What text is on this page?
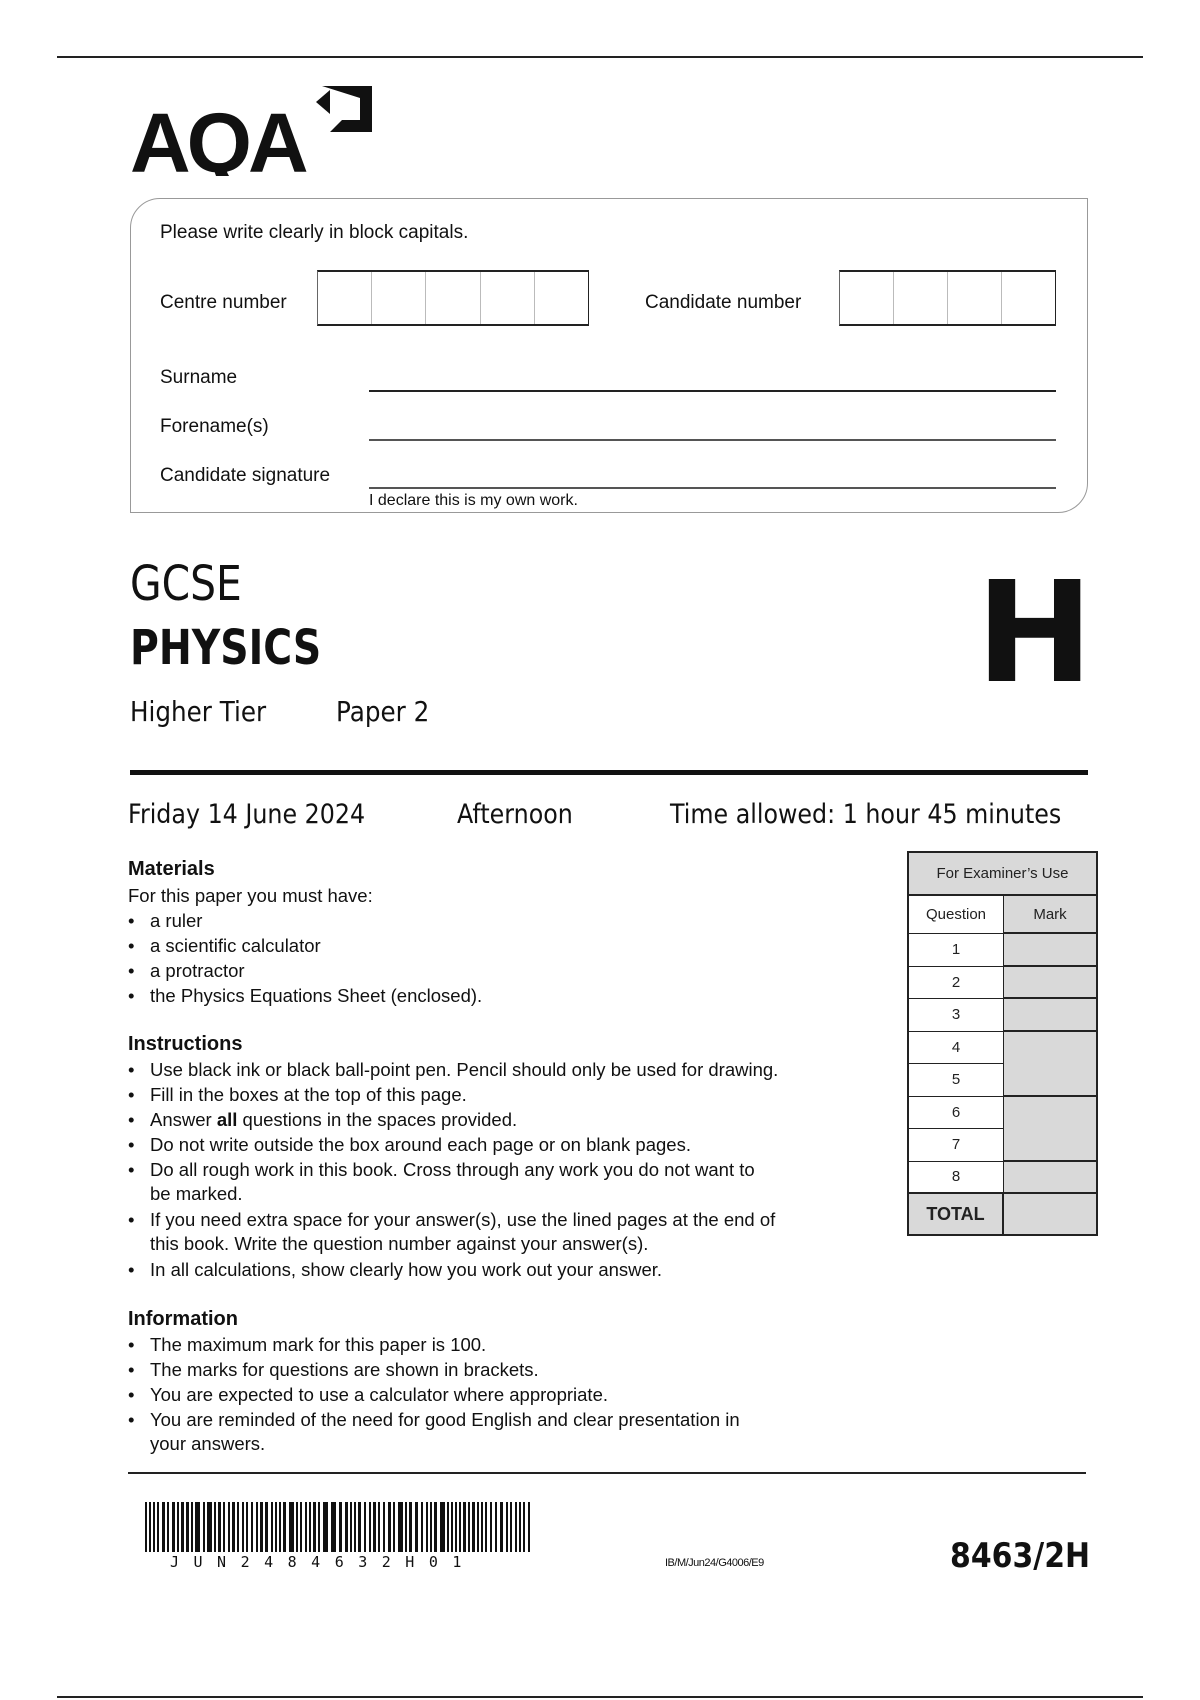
AQA
Please write clearly in block capitals.
Centre number	Candidate number
Surname
Forename(s)
Candidate signature
I declare this is my own work.
GCSE
PHYSICS
Higher Tier Paper 2	H
Friday 14 June 2024	Afternoon	Time allowed: 1 hour 45 minutes
Materials
For this paper you must have:
• a ruler
• a scientific calculator
• a protractor
• the Physics Equations Sheet (enclosed).
Instructions
• Use black ink or black ball-point pen. Pencil should only be used for drawing.
• Fill in the boxes at the top of this page.
• Answer all questions in the spaces provided.
• Do not write outside the box around each page or on blank pages.
• Do all rough work in this book. Cross through any work you do not want to
be marked.
• If you need extra space for your answer(s), use the lined pages at the end of
this book. Write the question number against your answer(s).
• In all calculations, show clearly how you work out your answer.
Information
• The maximum mark for this paper is 100.
• The marks for questions are shown in brackets.
• You are expected to use a calculator where appropriate.
• You are reminded of the need for good English and clear presentation in
your answers.
For Examiner’s Use
Question	Mark
1
2
3
4
5
6
7
8
TOTAL
JUN2484632H01	IB/M/Jun24/G4006/E9	8463/2H
